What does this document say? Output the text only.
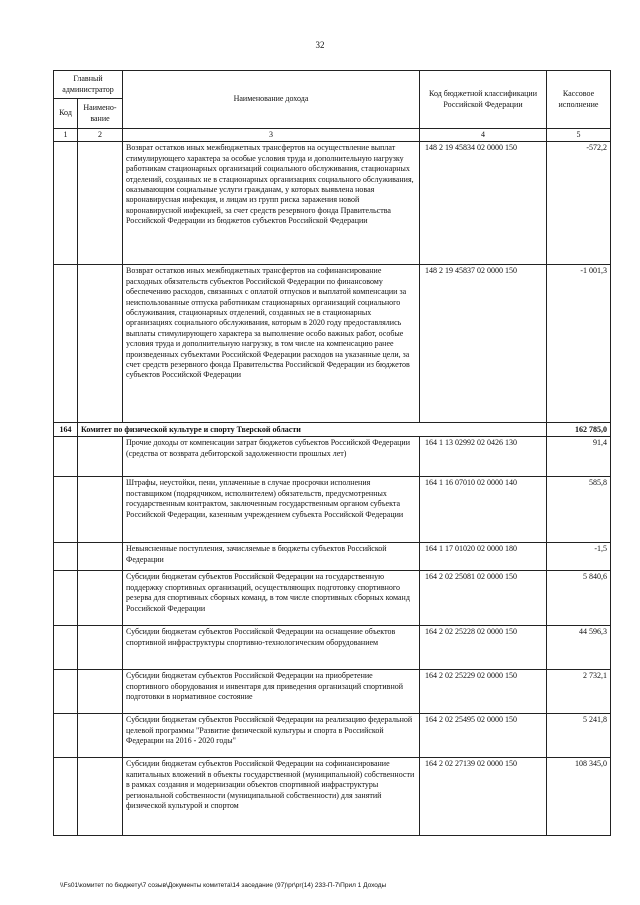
32
Главный администратор		Наименование дохода	Код бюджетной классификации Российской Федерации	Кассовое исполнение
Код	Наимено-вание			
1	2	3	4	5
		Возврат остатков иных межбюджетных трансфертов на осуществление выплат стимулирующего характера за особые условия труда и дополнительную нагрузку работникам стационарных организаций социального обслуживания, стационарных отделений, созданных не в стационарных организациях социального обслуживания, оказывающим социальные услуги гражданам, у которых выявлена новая коронавирусная инфекция, и лицам из групп риска заражения новой коронавирусной инфекцией, за счет средств резервного фонда Правительства Российской Федерации из бюджетов субъектов Российской Федерации	148 2 19 45834 02 0000 150	-572,2
		Возврат остатков иных межбюджетных трансфертов на софинансирование расходных обязательств субъектов Российской Федерации по финансовому обеспечению расходов, связанных с оплатой отпусков и выплатой компенсации за неиспользованные отпуска работникам стационарных организаций социального обслуживания, стационарных отделений, созданных не в стационарных организациях социального обслуживания, которым в 2020 году предоставлялись выплаты стимулирующего характера за выполнение особо важных работ, особые условия труда и дополнительную нагрузку, в том числе на компенсацию ранее произведенных субъектами Российской Федерации расходов на указанные цели, за счет средств резервного фонда Правительства Российской Федерации из бюджетов субъектов Российской Федерации	148 2 19 45837 02 0000 150	-1 001,3
164	Комитет по физической культуре и спорту Тверской области			162 785,0
		Прочие доходы от компенсации затрат бюджетов субъектов Российской Федерации (средства от возврата дебиторской задолженности прошлых лет)	164 1 13 02992 02 0426 130	91,4
		Штрафы, неустойки, пени, уплаченные в случае просрочки исполнения поставщиком (подрядчиком, исполнителем) обязательств, предусмотренных государственным контрактом, заключенным государственным органом субъекта Российской Федерации, казенным учреждением субъекта Российской Федерации	164 1 16 07010 02 0000 140	585,8
		Невыясненные поступления, зачисляемые в бюджеты субъектов Российской Федерации	164 1 17 01020 02 0000 180	-1,5
		Субсидии бюджетам субъектов Российской Федерации на государственную поддержку спортивных организаций, осуществляющих подготовку спортивного резерва для спортивных сборных команд, в том числе спортивных сборных команд Российской Федерации	164 2 02 25081 02 0000 150	5 840,6
		Субсидии бюджетам субъектов Российской Федерации на оснащение объектов спортивной инфраструктуры спортивно-технологическим оборудованием	164 2 02 25228 02 0000 150	44 596,3
		Субсидии бюджетам субъектов Российской Федерации на приобретение спортивного оборудования и инвентаря для приведения организаций спортивной подготовки в нормативное состояние	164 2 02 25229 02 0000 150	2 732,1
		Субсидии бюджетам субъектов Российской Федерации на реализацию федеральной целевой программы "Развитие физической культуры и спорта в Российской Федерации на 2016 - 2020 годы"	164 2 02 25495 02 0000 150	5 241,8
		Субсидии бюджетам субъектов Российской Федерации на софинансирование капитальных вложений в объекты государственной (муниципальной) собственности в рамках создания и модернизации объектов спортивной инфраструктуры региональной собственности (муниципальной собственности) для занятий физической культурой и спортом	164 2 02 27139 02 0000 150	108 345,0
\\Fs01\комитет по бюджету\7 созыв\Документы комитета\14 заседание (97)\pr\pr(14) 233-П-7\Прил 1 Доходы
